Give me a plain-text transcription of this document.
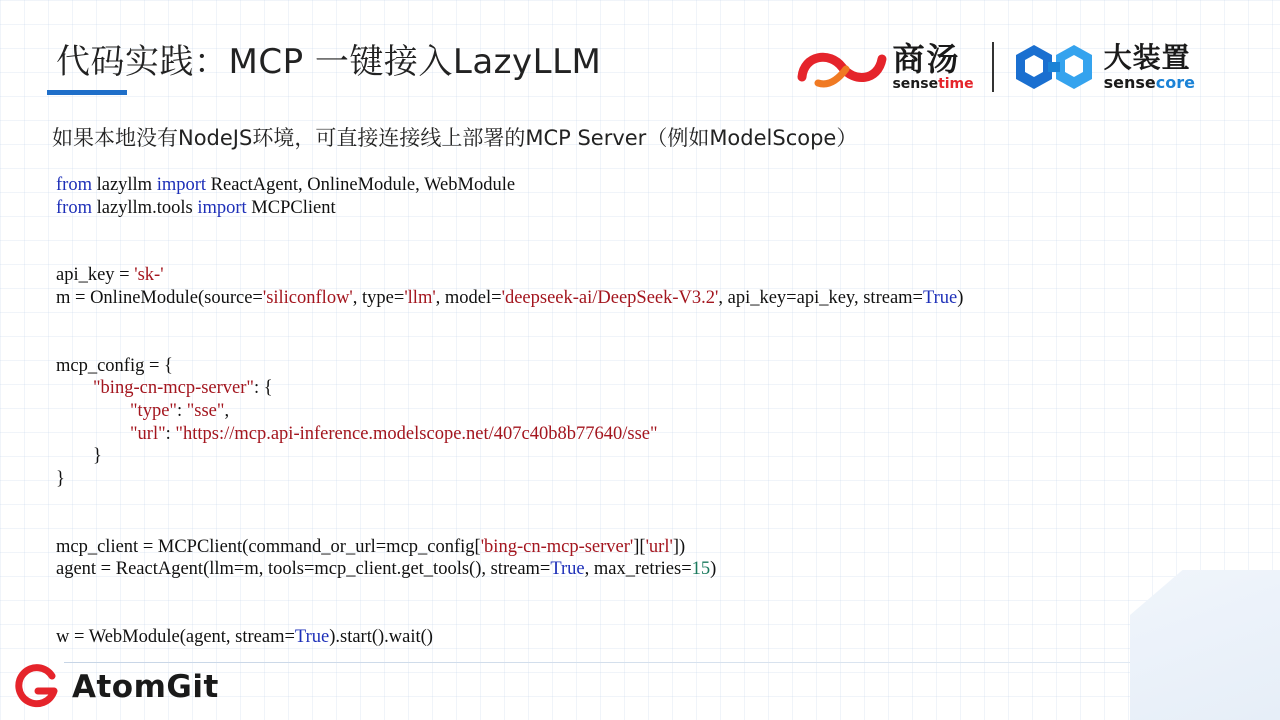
代码实践：MCP 一键接入LazyLLM	商汤
sensetime
大装置
sensecore
如果本地没有NodeJS环境，可直接连接线上部署的MCP Server（例如ModelScope）
from lazyllm import ReactAgent, OnlineModule, WebModule
from lazyllm.tools import MCPClient

api_key = 'sk-'
m = OnlineModule(source='siliconflow', type='llm', model='deepseek-ai/DeepSeek-V3.2', api_key=api_key, stream=True)

mcp_config = {
"bing-cn-mcp-server": {
"type": "sse",
"url": "https://mcp.api-inference.modelscope.net/407c40b8b77640/sse"
}
}

mcp_client = MCPClient(command_or_url=mcp_config['bing-cn-mcp-server']['url'])
agent = ReactAgent(llm=m, tools=mcp_client.get_tools(), stream=True, max_retries=15)

w = WebModule(agent, stream=True).start().wait()
AtomGit
